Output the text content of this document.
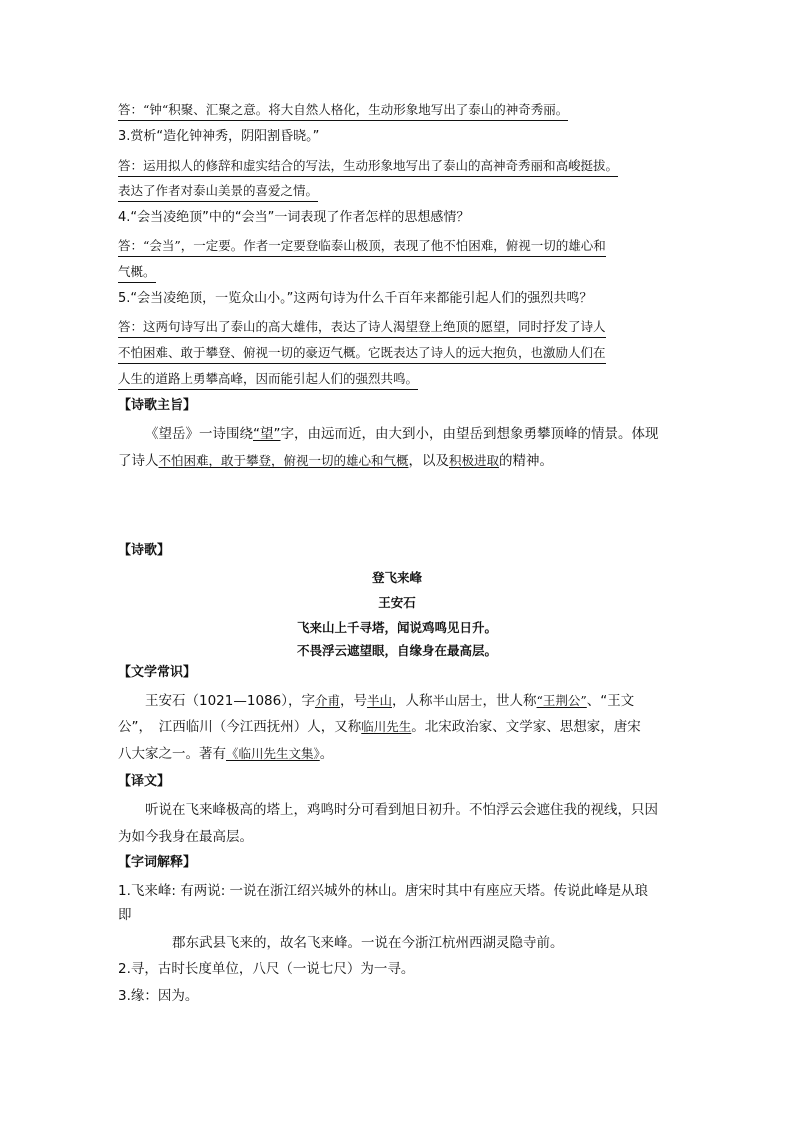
答：“钟“积聚、汇聚之意。将大自然人格化，生动形象地写出了泰山的神奇秀丽。
3.赏析“造化钟神秀，阴阳割昏晓。”
答：运用拟人的修辞和虚实结合的写法，生动形象地写出了泰山的高神奇秀丽和高峻挺拔。
表达了作者对泰山美景的喜爱之情。
4.“会当凌绝顶”中的“会当”一词表现了作者怎样的思想感情？
答：“会当”，一定要。作者一定要登临泰山极顶，表现了他不怕困难，俯视一切的雄心和
气概。
5.“会当凌绝顶，一览众山小。”这两句诗为什么千百年来都能引起人们的强烈共鸣？
答：这两句诗写出了泰山的高大雄伟，表达了诗人渴望登上绝顶的愿望，同时抒发了诗人
不怕困难、敢于攀登、俯视一切的豪迈气概。它既表达了诗人的远大抱负，也激励人们在
人生的道路上勇攀高峰，因而能引起人们的强烈共鸣。
【诗歌主旨】
《望岳》一诗围绕“望”字，由远而近，由大到小，由望岳到想象勇攀顶峰的情景。体现
了诗人不怕困难，敢于攀登，俯视一切的雄心和气概，以及积极进取的精神。
【诗歌】
登飞来峰
王安石
飞来山上千寻塔，闻说鸡鸣见日升。
不畏浮云遮望眼，自缘身在最高层。
【文学常识】
王安石（1021—1086），字介甫，号半山，人称半山居士，世人称“王荆公”、“王文
公”，　江西临川（今江西抚州）人，又称临川先生。北宋政治家、文学家、思想家，唐宋
八大家之一。著有《临川先生文集》。
【译文】
听说在飞来峰极高的塔上，鸡鸣时分可看到旭日初升。不怕浮云会遮住我的视线，只因
为如今我身在最高层。
【字词解释】
1.飞来峰: 有两说: 一说在浙江绍兴城外的林山。唐宋时其中有座应天塔。传说此峰是从琅
即
郡东武县飞来的，故名飞来峰。一说在今浙江杭州西湖灵隐寺前。
2.寻，古时长度单位，八尺（一说七尺）为一寻。
3.缘：因为。
